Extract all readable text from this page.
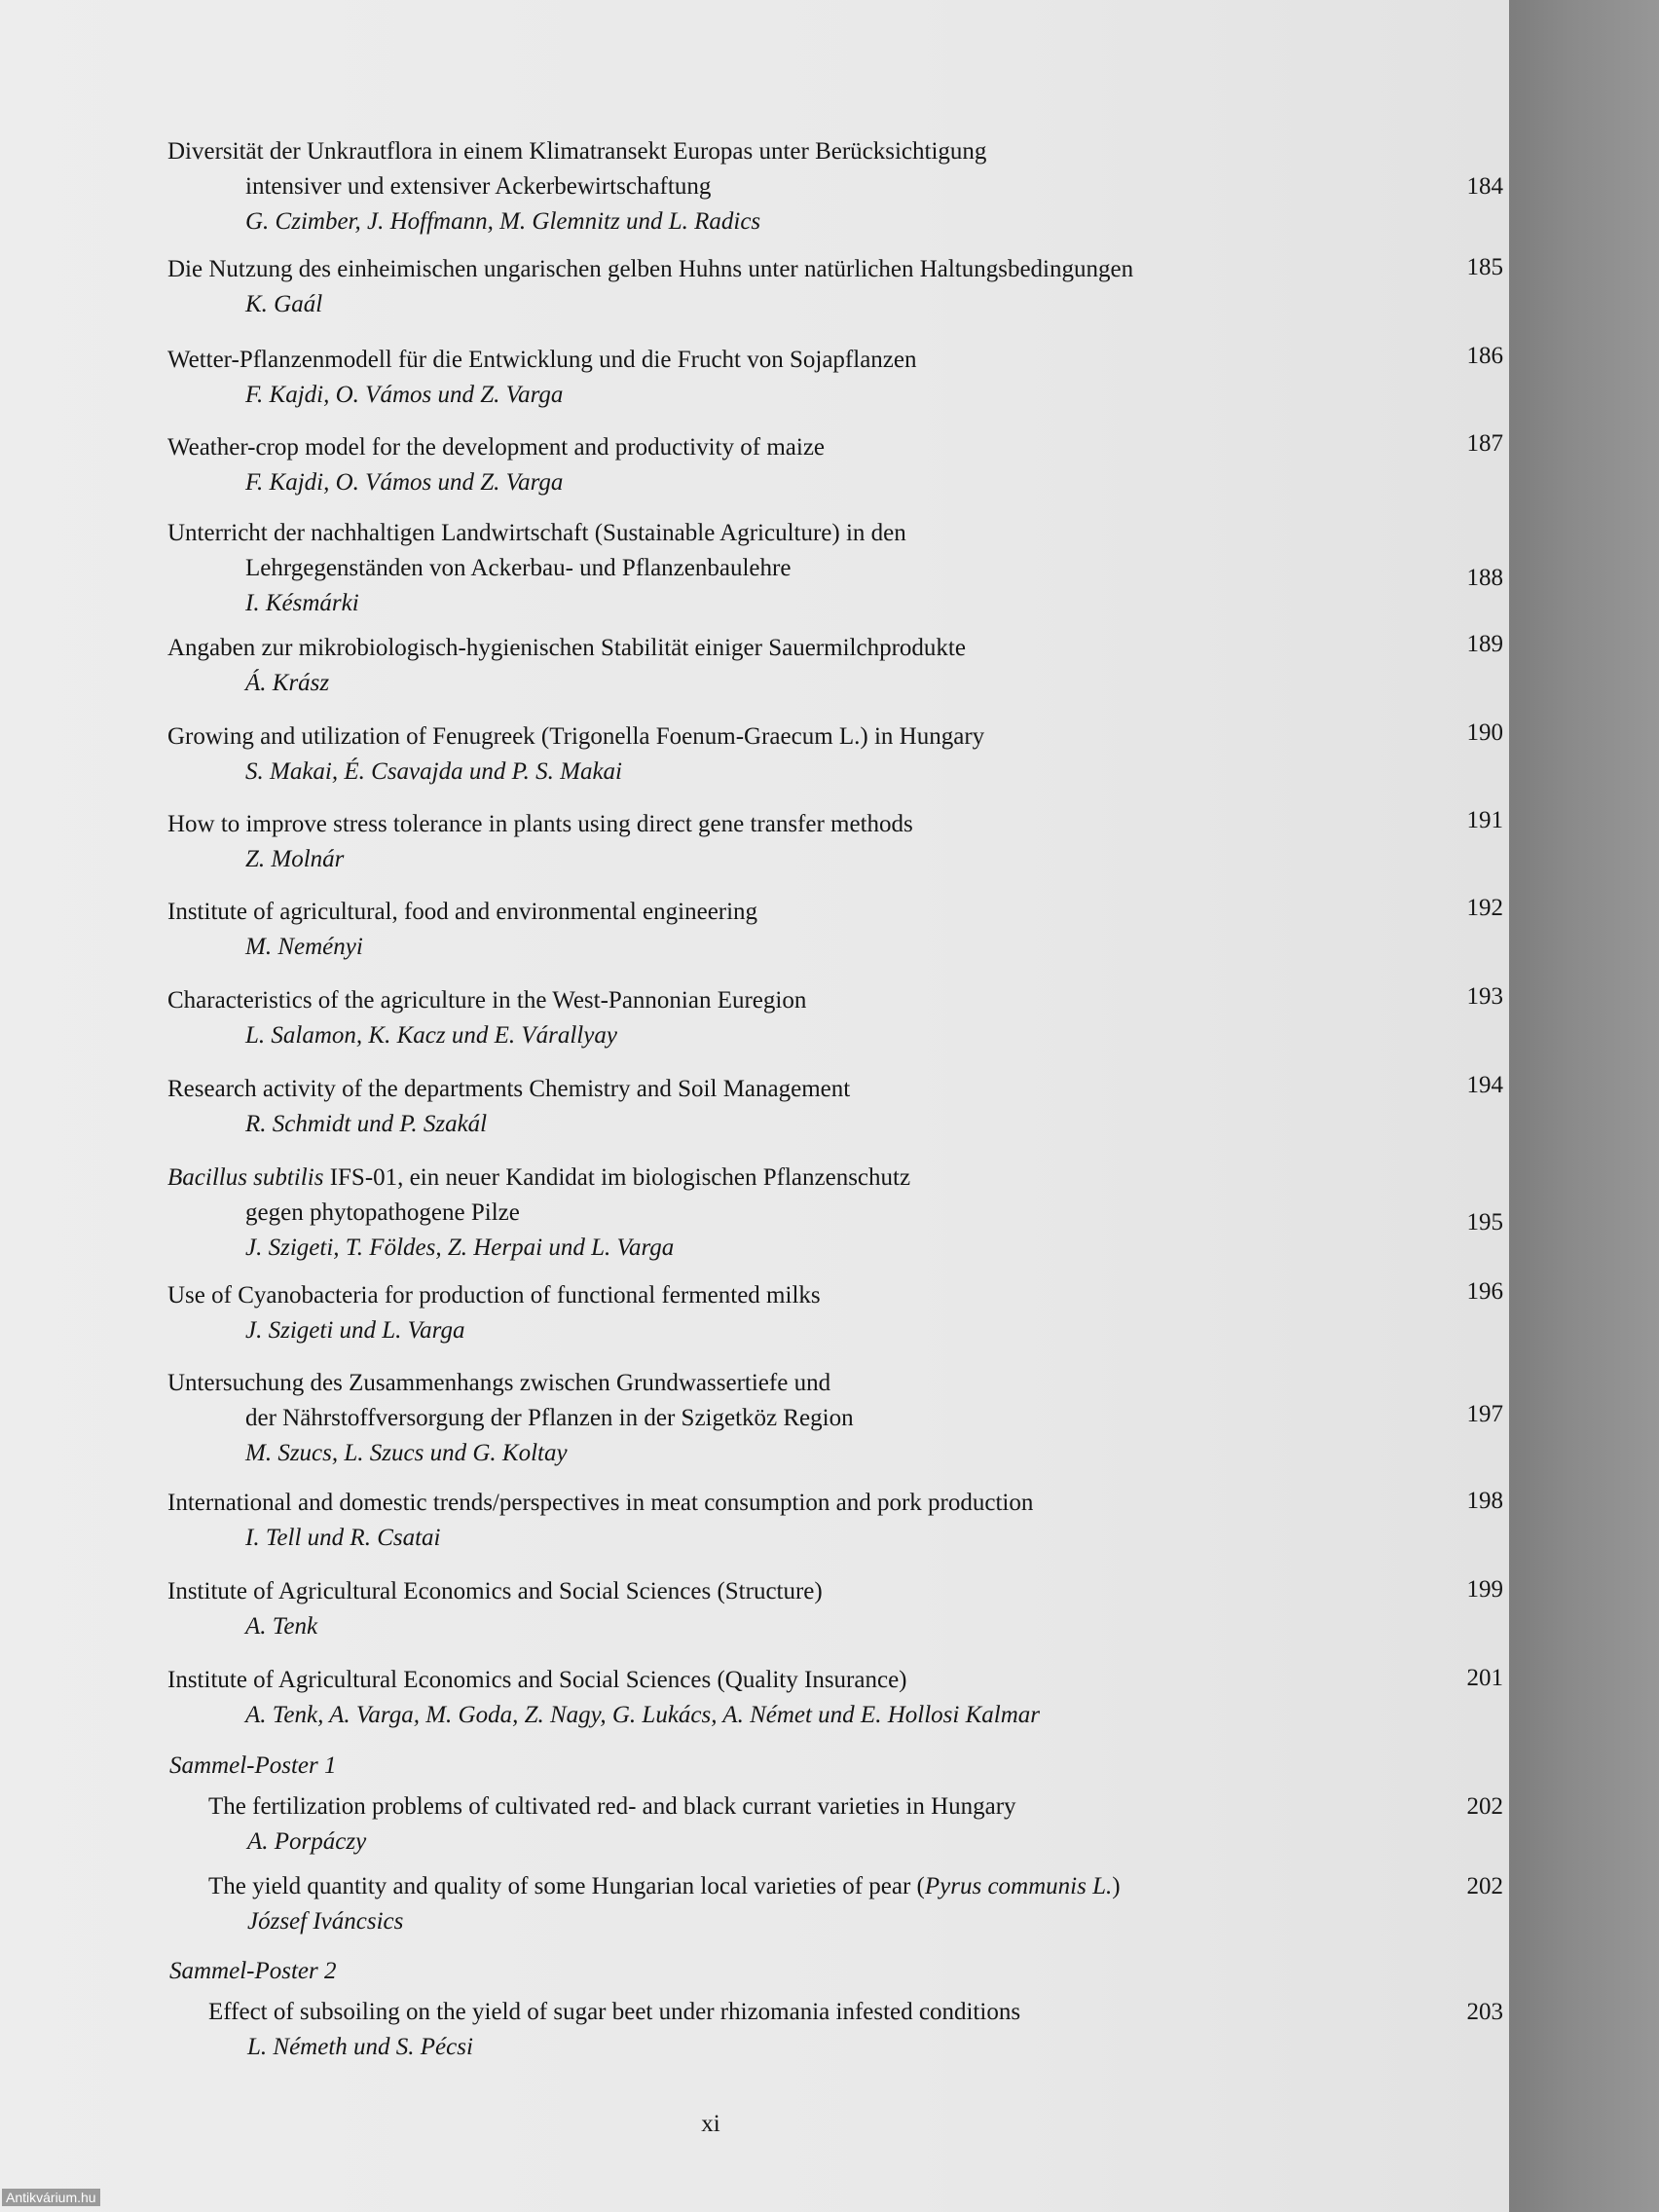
Diversität der Unkrautflora in einem Klimatransekt Europas unter Berücksichtigung
intensiver und extensiver Ackerbewirtschaftung
G. Czimber, J. Hoffmann, M. Glemnitz und L. Radics
184
Die Nutzung des einheimischen ungarischen gelben Huhns unter natürlichen Haltungsbedingungen
K. Gaál
185
Wetter-Pflanzenmodell für die Entwicklung und die Frucht von Sojapflanzen
F. Kajdi, O. Vámos und Z. Varga
186
Weather-crop model for the development and productivity of maize
F. Kajdi, O. Vámos und Z. Varga
187
Unterricht der nachhaltigen Landwirtschaft (Sustainable Agriculture) in den
Lehrgegenständen von Ackerbau- und Pflanzenbaulehre
I. Késmárki
188
Angaben zur mikrobiologisch-hygienischen Stabilität einiger Sauermilchprodukte
Á. Krász
189
Growing and utilization of Fenugreek (Trigonella Foenum-Graecum L.) in Hungary
S. Makai, É. Csavajda und P. S. Makai
190
How to improve stress tolerance in plants using direct gene transfer methods
Z. Molnár
191
Institute of agricultural, food and environmental engineering
M. Neményi
192
Characteristics of the agriculture in the West-Pannonian Euregion
L. Salamon, K. Kacz und E. Várallyay
193
Research activity of the departments Chemistry and Soil Management
R. Schmidt und P. Szakál
194
Bacillus subtilis IFS-01, ein neuer Kandidat im biologischen Pflanzenschutz
gegen phytopathogene Pilze
J. Szigeti, T. Földes, Z. Herpai und L. Varga
195
Use of Cyanobacteria for production of functional fermented milks
J. Szigeti und L. Varga
196
Untersuchung des Zusammenhangs zwischen Grundwassertiefe und
der Nährstoffversorgung der Pflanzen in der Szigetköz Region
M. Szucs, L. Szucs und G. Koltay
197
International and domestic trends/perspectives in meat consumption and pork production
I. Tell und R. Csatai
198
Institute of Agricultural Economics and Social Sciences (Structure)
A. Tenk
199
Institute of Agricultural Economics and Social Sciences (Quality Insurance)
A. Tenk, A. Varga, M. Goda, Z. Nagy, G. Lukács, A. Német und E. Hollosi Kalmar
201
Sammel-Poster 1
The fertilization problems of cultivated red- and black currant varieties in Hungary
A. Porpáczy
202
The yield quantity and quality of some Hungarian local varieties of pear (Pyrus communis L.)
József Iváncsics
202
Sammel-Poster 2
Effect of subsoiling on the yield of sugar beet under rhizomania infested conditions
L. Németh und S. Pécsi
203
xi
Antikvárium.hu
